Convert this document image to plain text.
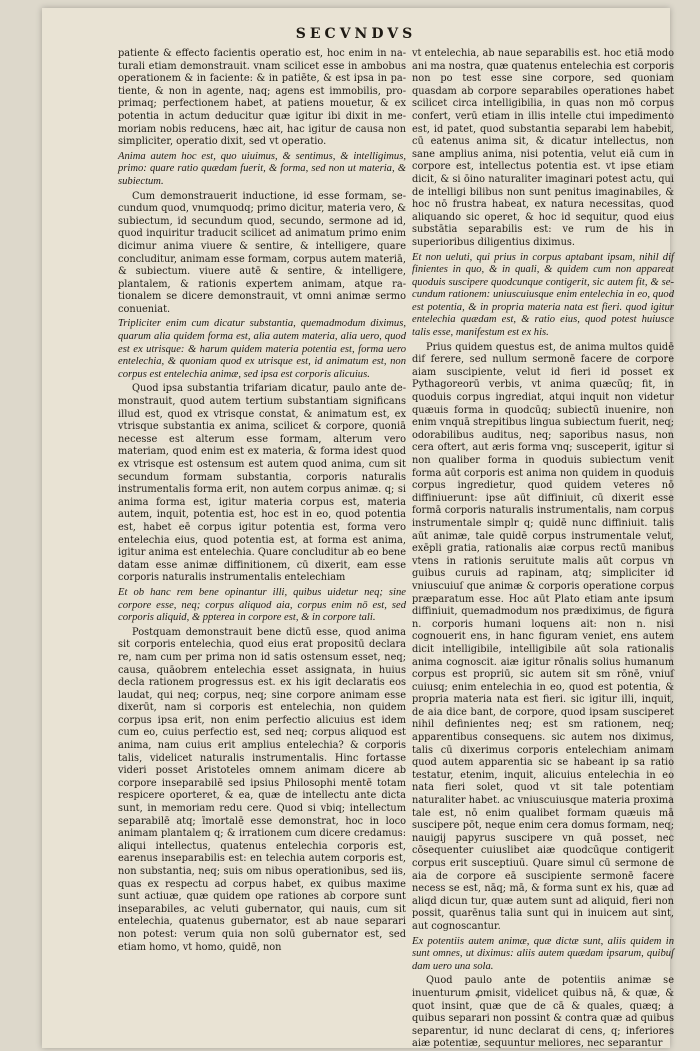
SECVNDVS

patiente & effecto facientis operatio est, hoc enim in naturali etiam demonstrauit. vnam scilicet esse in ambobus operationem & in faciente: & in patiēte, & est ipsa in patiente, & non in agente, naq; agens est immobilis, proprimaq; perfectionem habet, at patiens mouetur, & ex potentia in actum deducitur quæ igitur ibi dixit in memoriam nobis reducens, hæc ait, hac igitur de causa non simpliciter, operatio dixit, sed vt operatio.

Anima autem hoc est, quo uiuimus, & sentimus, & intelligimus, primo: quare ratio quædam fuerit, & forma, sed non ut materia, & subiectum.

Cum demonstrauerit inductione, id esse formam, secundum quod, vnumquodq; primo dicitur, materia vero, & subiectum, id secundum quod, secundo, sermone ad id, quod inquiritur traducit scilicet ad animatum primo enim dicimur anima viuere & sentire, & intelligere, quare concluditur, animam esse formam, corpus autem materiā, & subiectum. viuere autē & sentire, & intelligere, plantalem, & rationis expertem animam, atque rationalem se dicere demonstrauit, vt omni animæ sermo conueniat.

Tripliciter enim cum dicatur substantia, quemadmodum diximus, quarum alia quidem forma est, alia autem materia, alia uero, quod est ex utrisque: & harum quidem materia potentia est, forma uero entelechia, & quoniam quod ex utrisque est, id animatum est, non corpus est entelechia animæ, sed ipsa est corporis alicuius.

Quod ipsa substantia trifariam dicatur, paulo ante demonstrauit, quod autem tertium substantiam significans illud est, quod ex vtrisque constat, & animatum est, ex vtrisque substantia ex anima, scilicet & corpore, quoniā necesse est alterum esse formam, alterum vero materiam, quod enim est ex materia, & forma idest quod ex vtrisque est ostensum est autem quod anima, cum sit secundum formam substantia, corporis naturalis instrumentalis forma erit, non autem corpus animæ. q; si anima forma est, igitur materia corpus est, materia autem, inquit, potentia est, hoc est in eo, quod potentia est, habet eē corpus igitur potentia est, forma vero entelechia eius, quod potentia est, at forma est anima, igitur anima est entelechia. Quare concluditur ab eo bene datam esse animæ diffinitionem, cū dixerit, eam esse corporis naturalis instrumentalis entelechiam

Et ob hanc rem bene opinantur illi, quibus uidetur neq; sine corpore esse, neq; corpus aliquod aia, corpus enim nō est, sed corporis aliquid, & ppterea in corpore est, & in corpore tali.

Postquam demonstrauit bene dictū esse, quod anima sit corporis entelechia, quod eius erat propositū declara re, nam cum per prima non id satis ostensum esset, neq; causa, quāobrem entelechia esset assignata, in huius decla rationem progressus est. ex his igit declaratis eos laudat, qui neq; corpus, neq; sine corpore animam esse dixerūt, nam si corporis est entelechia, non quidem corpus ipsa erit, non enim perfectio alicuius est idem cum eo, cuius perfectio est, sed neq; corpus aliquod est anima, nam cuius erit amplius entelechia? & corporis talis, videlicet naturalis instrumentalis. Hinc fortasse videri posset Aristoteles omnem animam dicere ab corpore inseparabilē sed ipsius Philosophi mentē totam respicere oporteret, & ea, quæ de intellectu ante dicta sunt, in memoriam redu cere. Quod si vbiq; intellectum separabilē atq; īmortalē esse demonstrat, hoc in loco animam plantalem q; & irrationem cum dicere credamus: aliqui intellectus, quatenus entelechia corporis est, earenus inseparabilis est: en telechia autem corporis est, non substantia, neq; suis om nibus operationibus, sed iis, quas ex respectu ad corpus habet, ex quibus maxime sunt actiuæ, quæ quidem ope rationes ab corpore sunt inseparabiles, ac veluti gubernator, qui nauis, cum sit entelechia, quatenus gubernator, est ab naue separari non potest: verum quia non solū gubernator est, sed etiam homo, vt homo, quidē, non

vt entelechia, ab naue separabilis est. hoc etiā modo ani ma nostra, quæ quatenus entelechia est corporis non po test esse sine corpore, sed quoniam quasdam ab corpore separabiles operationes habet scilicet circa intelligibilia, in quas non mō corpus confert, verū etiam in illis intelle ctui impedimento est, id patet, quod substantia separabi lem habebit, cū eatenus anima sit, & dicatur intellectus, non sane amplius anima, nisi potentia, velut eiā cum in corpore est, intellectus potentia est. vt ipse etiam dicit, & si ōino naturaliter imaginari potest actu, qui de intelligi bilibus non sunt penitus imaginabiles, & hoc nō frustra habeat, ex natura necessitas, quod aliquando sic operet, & hoc id sequitur, quod eius substātia separabilis est: ve rum de his in superioribus diligentius diximus.

Et non ueluti, qui prius in corpus aptabant ipsam, nihil dif finientes in quo, & in quali, & quidem cum non appareat quoduis suscipere quodcunque contigerit, sic autem fit, & secundum rationem: uniuscuiusque enim entelechia in eo, quod est potentia, & in propria materia nata est fieri. quod igitur entelechia quædam est, & ratio eius, quod potest huiusce talis esse, manifestum est ex his.

Prius quidem questus est, de anima multos quidē dif ferere, sed nullum sermonē facere de corpore aiam suscipiente, velut id fieri id posset ex Pythagoreorū verbis, vt anima quæcūq; fit, in quoduis corpus ingrediat, atqui inquit non videtur quæuis forma in quodcūq; subiectū inuenire, non enim vnquā strepitibus lingua subiectum fuerit, neq; odorabilibus auditus, neq; saporibus nasus, non cera oftert, aut æris forma vnq; susceperit, igitur si non qualiber forma in quoduis subiectum venit forma aūt corporis est anima non quidem in quoduis corpus ingredietur, quod quidem veteres nō diffiniuerunt: ipse aūt diffiniuit, cū dixerit esse formā corporis naturalis instrumentalis, nam corpus instrumentale simplr q; quidē nunc diffiniuit. talis aūt animæ, tale quidē corpus instrumentale velut, exēpli gratia, rationalis aiæ corpus rectū manibus vtens in rationis seruitute malis aūt corpus vn guibus curuis ad rapinam, atq; simpliciter id vniuscuiuſ que animæ & corporis operatione corpus præparatum esse. Hoc aūt Plato etiam ante ipsum diffiniuit, quemadmodum nos prædiximus, de figura n. corporis humani loquens ait: non n. nisi cognouerit ens, in hanc figuram veniet, ens autem dicit intelligibile, intelligibile aūt sola rationalis anima cognoscit. aiæ igitur rōnalis solius humanum corpus est propriū, sic autem sit sm rōnē, vniuſ cuiusq; enim entelechia in eo, quod est potentia, & propria materia nata est fieri. sic igitur illi, inquit, de aia dice bant, de corpore, quod ipsam susciperet nihil definientes neq; est sm rationem, neq; apparentibus consequens. sic autem nos diximus, talis cū dixerimus corporis entelechiam animam quod autem apparentia sic se habeant ip sa ratio testatur, etenim, inquit, alicuius entelechia in eo nata fieri solet, quod vt sit tale potentiam naturaliter habet. ac vniuscuiusque materia proxima tale est, nō enim qualibet formam quæuis mā suscipere pōt, neque enim cera domus formam, neq; nauigij papyrus suscipere vn quā posset, nec cōsequenter cuiuslibet aiæ quodcūque contigerit corpus erit susceptiuū. Quare simul cū sermone de aia de corpore eā suscipiente sermonē facere necess se est, nāq; mā, & forma sunt ex his, quæ ad aliqd dicun tur, quæ autem sunt ad aliquid, fieri non possit, quarēnus talia sunt qui in inuicem aut sint, aut cognoscantur.

Ex potentiis autem animæ, quæ dictæ sunt, aliis quidem in sunt omnes, ut diximus: aliis autem quædam ipsarum, quibuſ dam uero una sola.

Quod paulo ante de potentiis animæ se inuenturum ꝓmisit, videlicet quibus nā, & quæ, & quot insint, quæ que de cā & quales, quæq; a quibus separari non possint & contra quæ ad quibus separentur, id nunc declarat di cens, q; inferiores aiæ potentiæ, sequuntur meliores, nec separantur
